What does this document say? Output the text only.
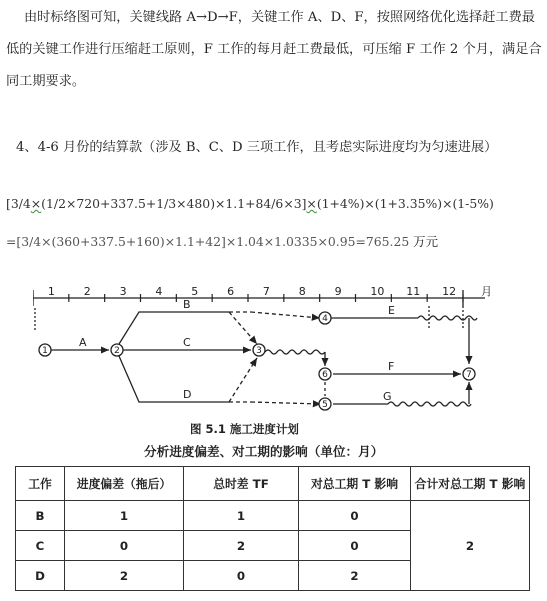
由时标络图可知，关键线路 A→D→F，关键工作 A、D、F，按照网络优化选择赶工费最
低的关键工作进行压缩赶工原则，F 工作的每月赶工费最低，可压缩 F 工作 2 个月，满足合
同工期要求。
4、4-6 月份的结算款（涉及 B、C、D 三项工作，且考虑实际进度均为匀速进展）
[3/4×(1/2×720+337.5+1/3×480)×1.1+84/6×3]×(1+4%)×(1+3.35%)×(1-5%)
=[3/4×(360+337.5+160)×1.1+42]×1.04×1.0335×0.95=765.25 万元
1	2	3	4	5	6	7	8	9	10 11 12 月
1	2	3
4
5
6	7
A
B
C
D
E
F
G
图 5.1 施工进度计划
分析进度偏差、对工期的影响（单位：月）
工作	进度偏差（拖后）	总时差 TF	对总工期 T 影响	合计对总工期 T 影响
B	1	1	0	2
C	0	2	0	
D	2	0	2	
